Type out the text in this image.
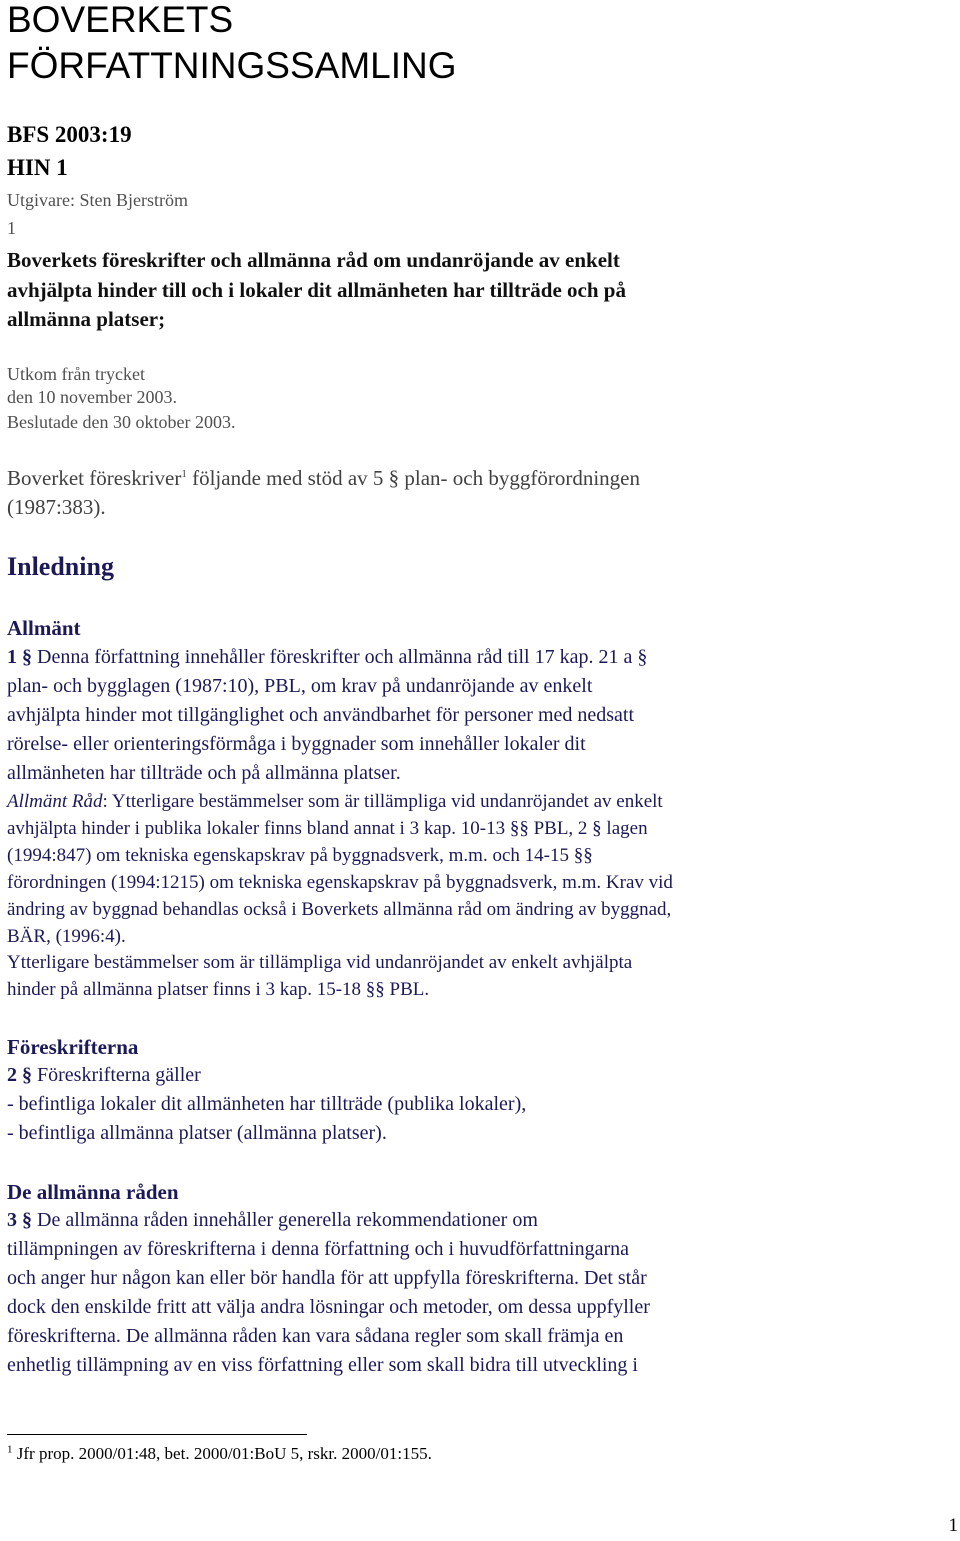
BOVERKETS
FÖRFATTNINGSSAMLING
BFS 2003:19
HIN 1
Utgivare: Sten Bjerström
1
Boverkets föreskrifter och allmänna råd om undanröjande av enkelt
avhjälpta hinder till och i lokaler dit allmänheten har tillträde och på
allmänna platser;
Utkom från trycket
den 10 november 2003.
Beslutade den 30 oktober 2003.
Boverket föreskriver$^1$ följande med stöd av 5 § plan- och byggförordningen
(1987:383).
Inledning
Allmänt
1 § Denna författning innehåller föreskrifter och allmänna råd till 17 kap. 21 a §
plan- och bygglagen (1987:10), PBL, om krav på undanröjande av enkelt
avhjälpta hinder mot tillgänglighet och användbarhet för personer med nedsatt
rörelse- eller orienteringsförmåga i byggnader som innehåller lokaler dit
allmänheten har tillträde och på allmänna platser.
Allmänt Råd: Ytterligare bestämmelser som är tillämpliga vid undanröjandet av enkelt
avhjälpta hinder i publika lokaler finns bland annat i 3 kap. 10-13 §§ PBL, 2 § lagen
(1994:847) om tekniska egenskapskrav på byggnadsverk, m.m. och 14-15 §§
förordningen (1994:1215) om tekniska egenskapskrav på byggnadsverk, m.m. Krav vid
ändring av byggnad behandlas också i Boverkets allmänna råd om ändring av byggnad,
BÄR, (1996:4).
Ytterligare bestämmelser som är tillämpliga vid undanröjandet av enkelt avhjälpta
hinder på allmänna platser finns i 3 kap. 15-18 §§ PBL.
Föreskrifterna
2 § Föreskrifterna gäller
- befintliga lokaler dit allmänheten har tillträde (publika lokaler),
- befintliga allmänna platser (allmänna platser).
De allmänna råden
3 § De allmänna råden innehåller generella rekommendationer om
tillämpningen av föreskrifterna i denna författning och i huvudförfattningarna
och anger hur någon kan eller bör handla för att uppfylla föreskrifterna. Det står
dock den enskilde fritt att välja andra lösningar och metoder, om dessa uppfyller
föreskrifterna. De allmänna råden kan vara sådana regler som skall främja en
enhetlig tillämpning av en viss författning eller som skall bidra till utveckling i
$^1$ Jfr prop. 2000/01:48, bet. 2000/01:BoU 5, rskr. 2000/01:155.
1
